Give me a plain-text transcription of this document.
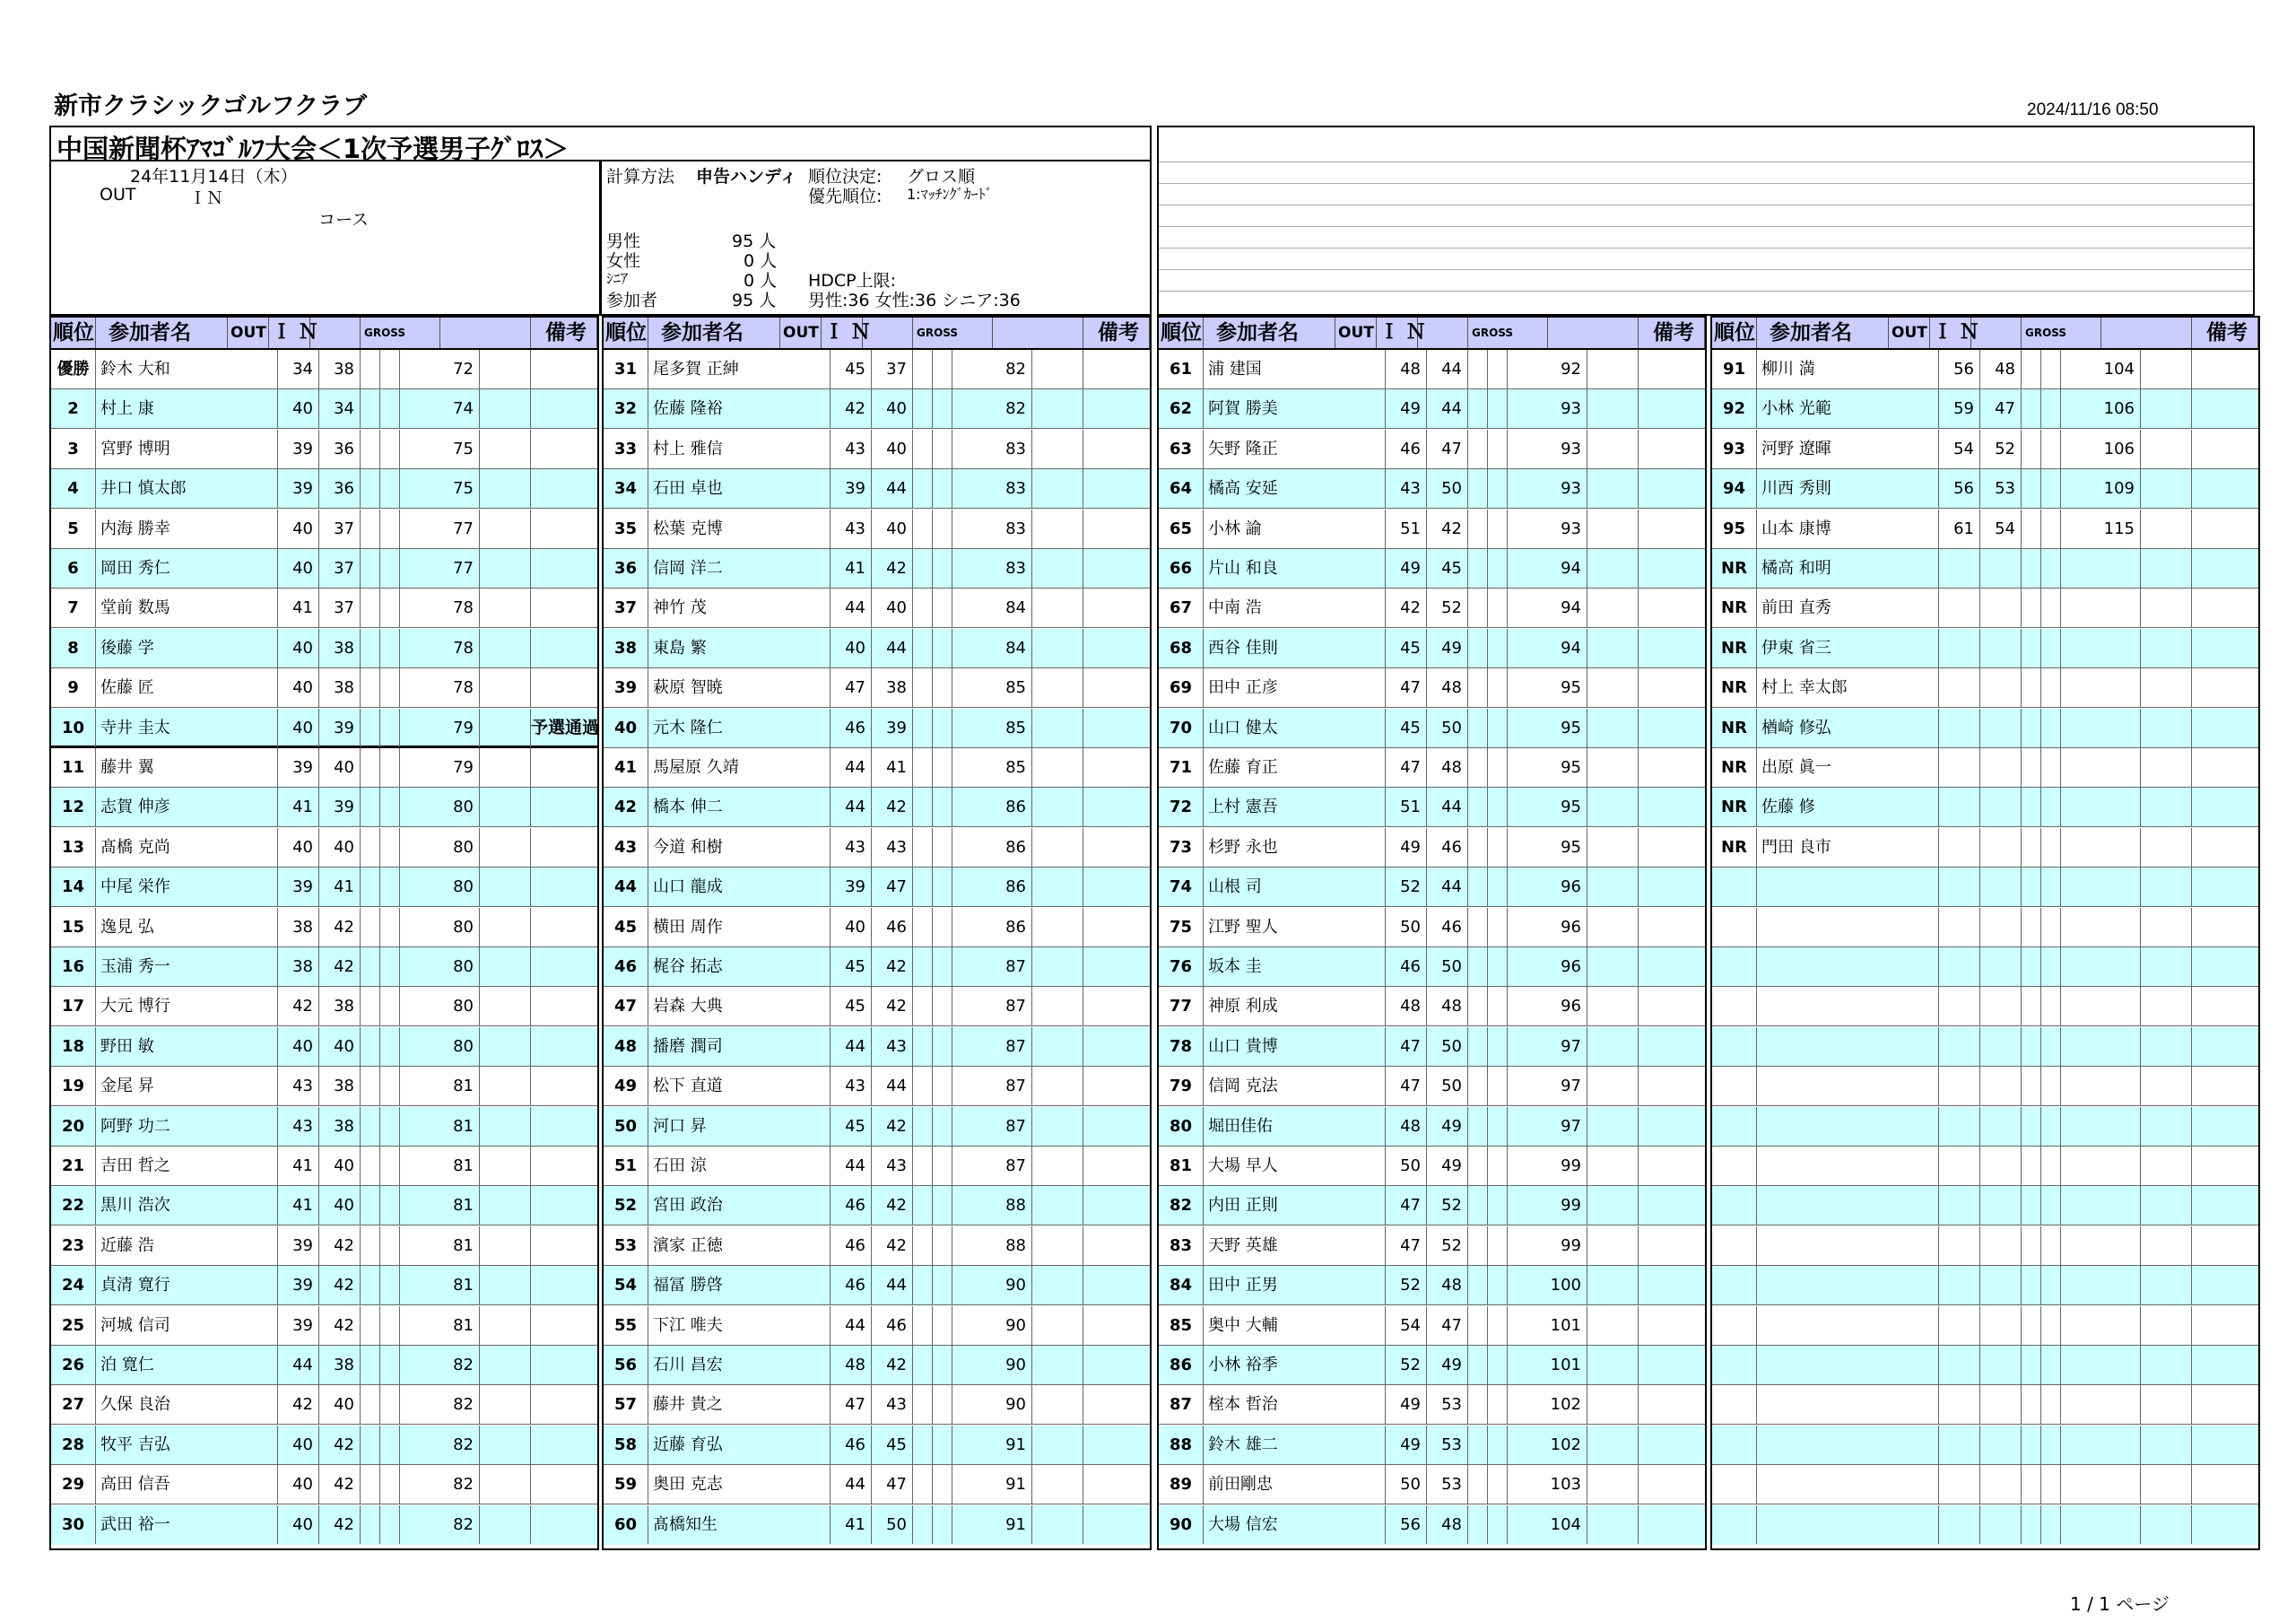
新市クラシックゴルフクラブ	2024/11/16 08:50
中国新聞杯ｱﾏｺﾞﾙﾌ大会＜1次予選男子ｸﾞﾛｽ＞
24年11月14日（木）
OUT	ＩＮ
コース
計算方法 申告ハンディ 順位決定: グロス順
優先順位: 1:ﾏｯﾁﾝｸﾞｶｰﾄﾞ
男性	95 人
女性	0 人
ｼﾆｱ	0 人 HDCP上限:
参加者	95 人 男性:36 女性:36 シニア:36
順位 参加者名	OUT Ｉ Ｎ	GROSS	備考
優勝 鈴木 大和	34	38	72
2	村上 康	40	34	74
3	宮野 博明	39	36	75
4	井口 慎太郎	39	36	75
5	内海 勝幸	40	37	77
6	岡田 秀仁	40	37	77
7	堂前 数馬	41	37	78
8	後藤 学	40	38	78
9	佐藤 匠	40	38	78
10 寺井 圭太	40	39	79	予選通過
11 藤井 翼	39	40	79
12 志賀 伸彦	41	39	80
13 髙橋 克尚	40	40	80
14 中尾 栄作	39	41	80
15 逸見 弘	38	42	80
16 玉浦 秀一	38	42	80
17 大元 博行	42	38	80
18 野田 敏	40	40	80
19 金尾 昇	43	38	81
20 阿野 功二	43	38	81
21 吉田 哲之	41	40	81
22 黒川 浩次	41	40	81
23 近藤 浩	39	42	81
24 貞清 寛行	39	42	81
25 河城 信司	39	42	81
26 泊 寛仁	44	38	82
27 久保 良治	42	40	82
28 牧平 吉弘	40	42	82
29 高田 信吾	40	42	82
30 武田 裕一	40	42	82
順位 参加者名	OUT Ｉ Ｎ	GROSS	備考
31 尾多賀 正紳	45	37	82
32 佐藤 隆裕	42	40	82
33 村上 雅信	43	40	83
34 石田 卓也	39	44	83
35 松葉 克博	43	40	83
36 信岡 洋二	41	42	83
37 神竹 茂	44	40	84
38 東島 繁	40	44	84
39 萩原 智暁	47	38	85
40 元木 隆仁	46	39	85
41 馬屋原 久靖	44	41	85
42 橋本 伸二	44	42	86
43 今道 和樹	43	43	86
44 山口 龍成	39	47	86
45 横田 周作	40	46	86
46 梶谷 拓志	45	42	87
47 岩森 大典	45	42	87
48 播磨 潤司	44	43	87
49 松下 直道	43	44	87
50 河口 昇	45	42	87
51 石田 涼	44	43	87
52 宮田 政治	46	42	88
53 濱家 正徳	46	42	88
54 福冨 勝啓	46	44	90
55 下江 唯夫	44	46	90
56 石川 昌宏	48	42	90
57 藤井 貴之	47	43	90
58 近藤 育弘	46	45	91
59 奥田 克志	44	47	91
60 髙橋知生	41	50	91
順位 参加者名	OUT Ｉ Ｎ	GROSS	備考
61 浦 建国	48	44	92
62 阿賀 勝美	49	44	93
63 矢野 隆正	46	47	93
64 橘高 安延	43	50	93
65 小林 諭	51	42	93
66 片山 和良	49	45	94
67 中南 浩	42	52	94
68 西谷 佳則	45	49	94
69 田中 正彦	47	48	95
70 山口 健太	45	50	95
71 佐藤 育正	47	48	95
72 上村 憲吾	51	44	95
73 杉野 永也	49	46	95
74 山根 司	52	44	96
75 江野 聖人	50	46	96
76 坂本 圭	46	50	96
77 神原 利成	48	48	96
78 山口 貴博	47	50	97
79 信岡 克法	47	50	97
80 堀田佳佑	48	49	97
81 大場 早人	50	49	99
82 内田 正則	47	52	99
83 天野 英雄	47	52	99
84 田中 正男	52	48	100
85 奥中 大輔	54	47	101
86 小林 裕季	52	49	101
87 榁本 哲治	49	53	102
88 鈴木 雄二	49	53	102
89 前田剛忠	50	53	103
90 大場 信宏	56	48	104
順位 参加者名	OUT Ｉ Ｎ	GROSS	備考
91 柳川 満	56	48	104
92 小林 光範	59	47	106
93 河野 遼暉	54	52	106
94 川西 秀則	56	53	109
95 山本 康博	61	54	115
NR 橘高 和明
NR 前田 直秀
NR 伊東 省三
NR 村上 幸太郎
NR 楢崎 修弘
NR 出原 眞一
NR 佐藤 修
NR 門田 良市
1 / 1 ページ
